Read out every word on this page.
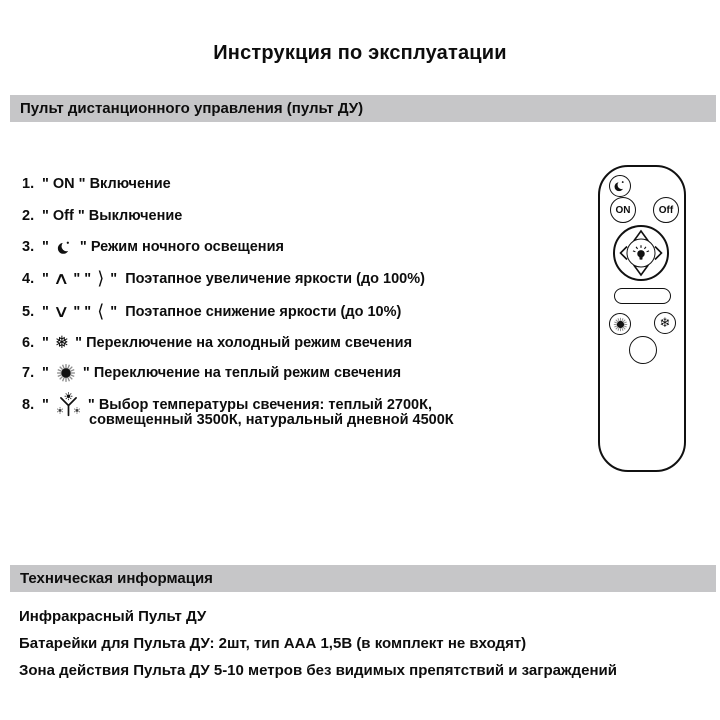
Инструкция по эксплуатации
Пульт дистанционного управления (пульт ДУ)
1. " ON " Включение
2. " Off " Выключение
3. " " Режим ночного освещения
4. " ∧ " " ⟩ "  Поэтапное увеличение яркости (до 100%)
5. " ∨ " " ⟨ "  Поэтапное снижение яркости (до 10%)
6. " ❅ " Переключение на холодный режим свечения
7. " " Переключение на теплый режим свечения
8. " " Выбор температуры свечения: теплый 2700К,
совмещенный 3500К, натуральный дневной 4500К
ON	Off
❄
Техническая информация
Инфракрасный Пульт ДУ
Батарейки для Пульта ДУ: 2шт, тип ААА 1,5В (в комплект не входят)
Зона действия Пульта ДУ 5-10 метров без видимых препятствий и заграждений
